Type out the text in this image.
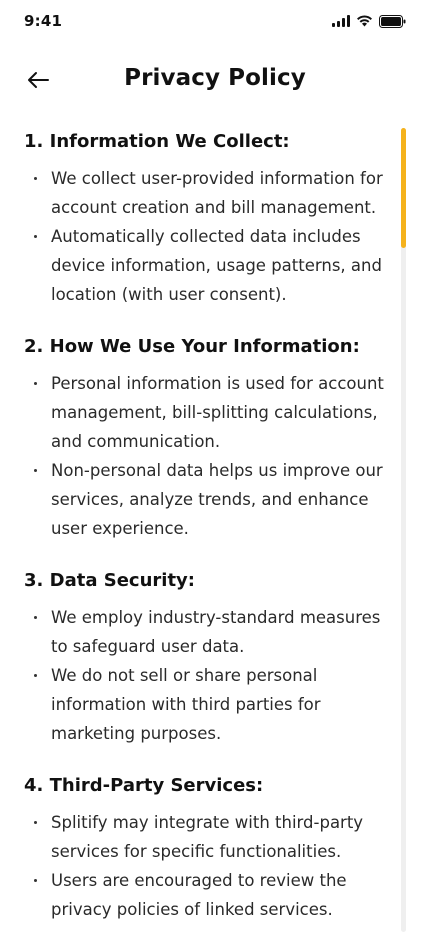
9:41
Privacy Policy
1. Information We Collect:
We collect user-provided information for account creation and bill management.
Automatically collected data includes device information, usage patterns, and location (with user consent).
2. How We Use Your Information:
Personal information is used for account management, bill-splitting calculations, and communication.
Non-personal data helps us improve our services, analyze trends, and enhance user experience.
3. Data Security:
We employ industry-standard measures to safeguard user data.
We do not sell or share personal information with third parties for marketing purposes.
4. Third-Party Services:
Splitify may integrate with third-party services for specific functionalities.
Users are encouraged to review the privacy policies of linked services.
